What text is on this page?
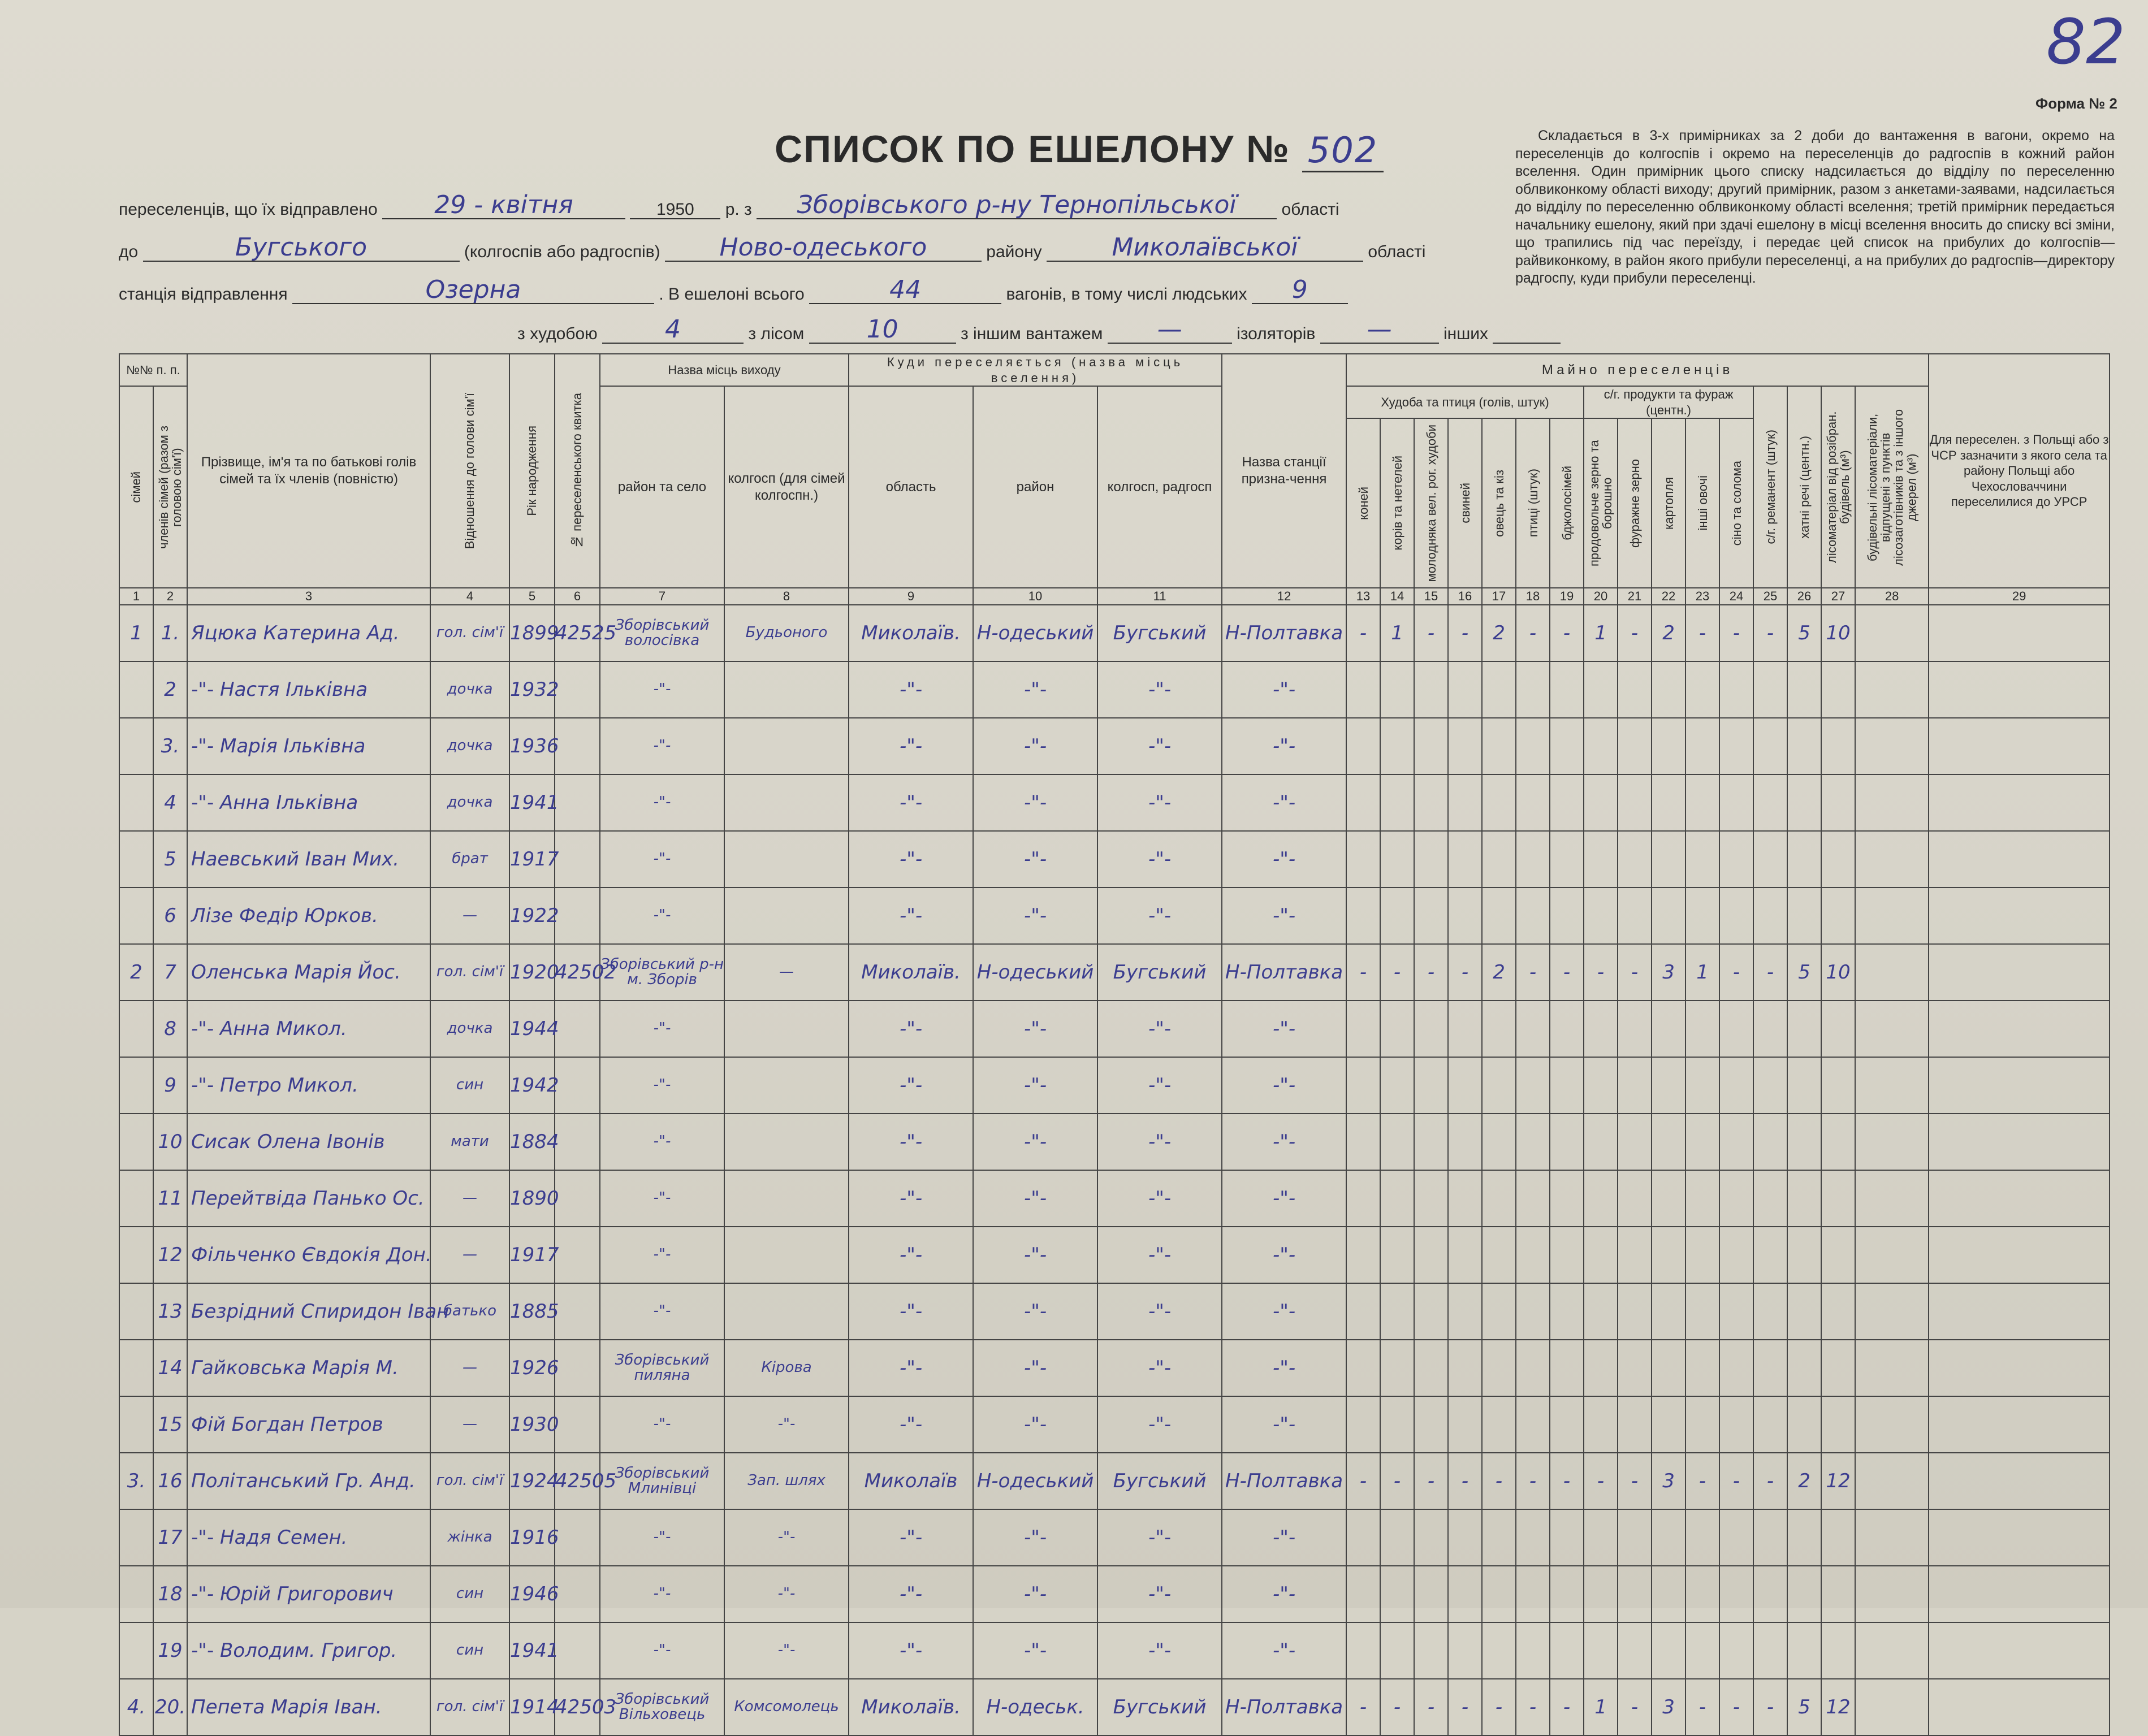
82
Форма № 2
Складається в 3-х примірниках за 2 доби до вантаження в вагони, окремо на переселенців до колгоспів і окремо на переселенців до радгоспів в кожний район вселення. Один примірник цього списку надсилається до відділу по переселенню облвиконкому області виходу; другий примірник, разом з анкетами-заявами, надсилається до відділу по переселенню облвиконкому області вселення; третій примірник передається начальнику ешелону, який при здачі ешелону в місці вселення вносить до списку всі зміни, що трапились під час переїзду, і передає цей список на прибулих до колгоспів—райвиконкому, в район якого прибули переселенці, а на прибулих до радгоспів—директору радгоспу, куди прибули переселенці.
СПИСОК ПО ЕШЕЛОНУ № 502
переселенців, що їх відправлено 29 - квітня	1950 р. з Зборівського р-ну Тернопільської	області
до	Бугського	(колгоспів або радгоспів) Ново-одеського	району	Миколаївської	області
станція відправлення	Озерна	. В ешелоні всього	44	вагонів, в тому числі людських 9
з худобою	4	з лісом	10	з іншим вантажем —	ізоляторів —	інших
№№ п. п.		Прізвище, ім'я та по батькові голів сімей та їх членів (повністю)	Відношення до голови сім'ї	Рік народження	№ переселенського квитка	Назва місць виходу		Куди переселяється (назва місць вселення)			Назва станції призна-чення	Майно переселенців																Для переселен. з Польщі або з ЧСР зазначити з якого села та району Польщі або Чехословаччини переселилися до УРСР

сімей	членів сімей (разом з головою сім'ї)					район та село	колгосп (для сімей колгоспн.)	область	район	колгосп, радгосп		Худоба та птиця (голів, штук)							с/г. продукти та фураж (центн.)					с/г. реманент (штук)	хатні речі (центн.)	лісоматеріал від розібран. будівель (м³)	будівельні лісоматеріали, відпущені з пунктів лісозаготівників та з іншого джерел (м³)	

												коней	корів та нетелей	молодняка вел. рог. худоби	свиней	овець та кіз	птиці (штук)	бджолосімей	продовольче зерно та борошно	фуражне зерно	картопля	інші овочі	сіно та солома					

1	2	3	4	5	6	7	8	9	10	11	12	13	14	15	16	17	18	19	20	21	22	23	24	25	26	27	28	29
1	1.	Яцюка Катерина Ад.	гол. сім'ї	1899	42525	Зборівський волосівка	Будьоного	Миколаїв.	Н-одеський	Бугський	Н-Полтавка	-	1	-	-	2	-	-	1	-	2	-	-	-	5	10		
	2	-"- Настя Ільківна	дочка	1932		-"-		-"-	-"-	-"-	-"-																	
	3.	-"- Марія Ільківна	дочка	1936		-"-		-"-	-"-	-"-	-"-																	
	4	-"- Анна Ільківна	дочка	1941		-"-		-"-	-"-	-"-	-"-																	
	5	Наевський Іван Мих.	брат	1917		-"-		-"-	-"-	-"-	-"-																	
	6	Лізе Федір Юрков.	—	1922		-"-		-"-	-"-	-"-	-"-																	
2	7	Оленська Марія Йос.	гол. сім'ї	1920	42502	Зборівський р-н м. Зборів	—	Миколаїв.	Н-одеський	Бугський	Н-Полтавка	-	-	-	-	2	-	-	-	-	3	1	-	-	5	10		
	8	-"- Анна Микол.	дочка	1944		-"-		-"-	-"-	-"-	-"-																	
	9	-"- Петро Микол.	син	1942		-"-		-"-	-"-	-"-	-"-																	
	10	Сисак Олена Івонів	мати	1884		-"-		-"-	-"-	-"-	-"-																	
	11	Перейтвіда Панько Ос.	—	1890		-"-		-"-	-"-	-"-	-"-																	
	12	Фільченко Євдокія Дон.	—	1917		-"-		-"-	-"-	-"-	-"-																	
	13	Безрідний Спиридон Іван	батько	1885		-"-		-"-	-"-	-"-	-"-																	
	14	Гайковська Марія М.	—	1926		Зборівський пиляна	Кірова	-"-	-"-	-"-	-"-																	
	15	Фій Богдан Петров	—	1930		-"-	-"-	-"-	-"-	-"-	-"-																	
3.	16	Політанський Гр. Анд.	гол. сім'ї	1924	42505	Зборівський Млинівці	Зап. шлях	Миколаїв	Н-одеський	Бугський	Н-Полтавка	-	-	-	-	-	-	-	-	-	3	-	-	-	2	12		
	17	-"- Надя Семен.	жінка	1916		-"-	-"-	-"-	-"-	-"-	-"-																	
	18	-"- Юрій Григорович	син	1946		-"-	-"-	-"-	-"-	-"-	-"-																	
	19	-"- Володим. Григор.	син	1941		-"-	-"-	-"-	-"-	-"-	-"-																	
4.	20.	Пепета Марія Іван.	гол. сім'ї	1914	42503	Зборівський Вільховець	Комсомолець	Миколаїв.	Н-одеськ.	Бугський	Н-Полтавка	-	-	-	-	-	-	-	1	-	3	-	-	-	5	12		
